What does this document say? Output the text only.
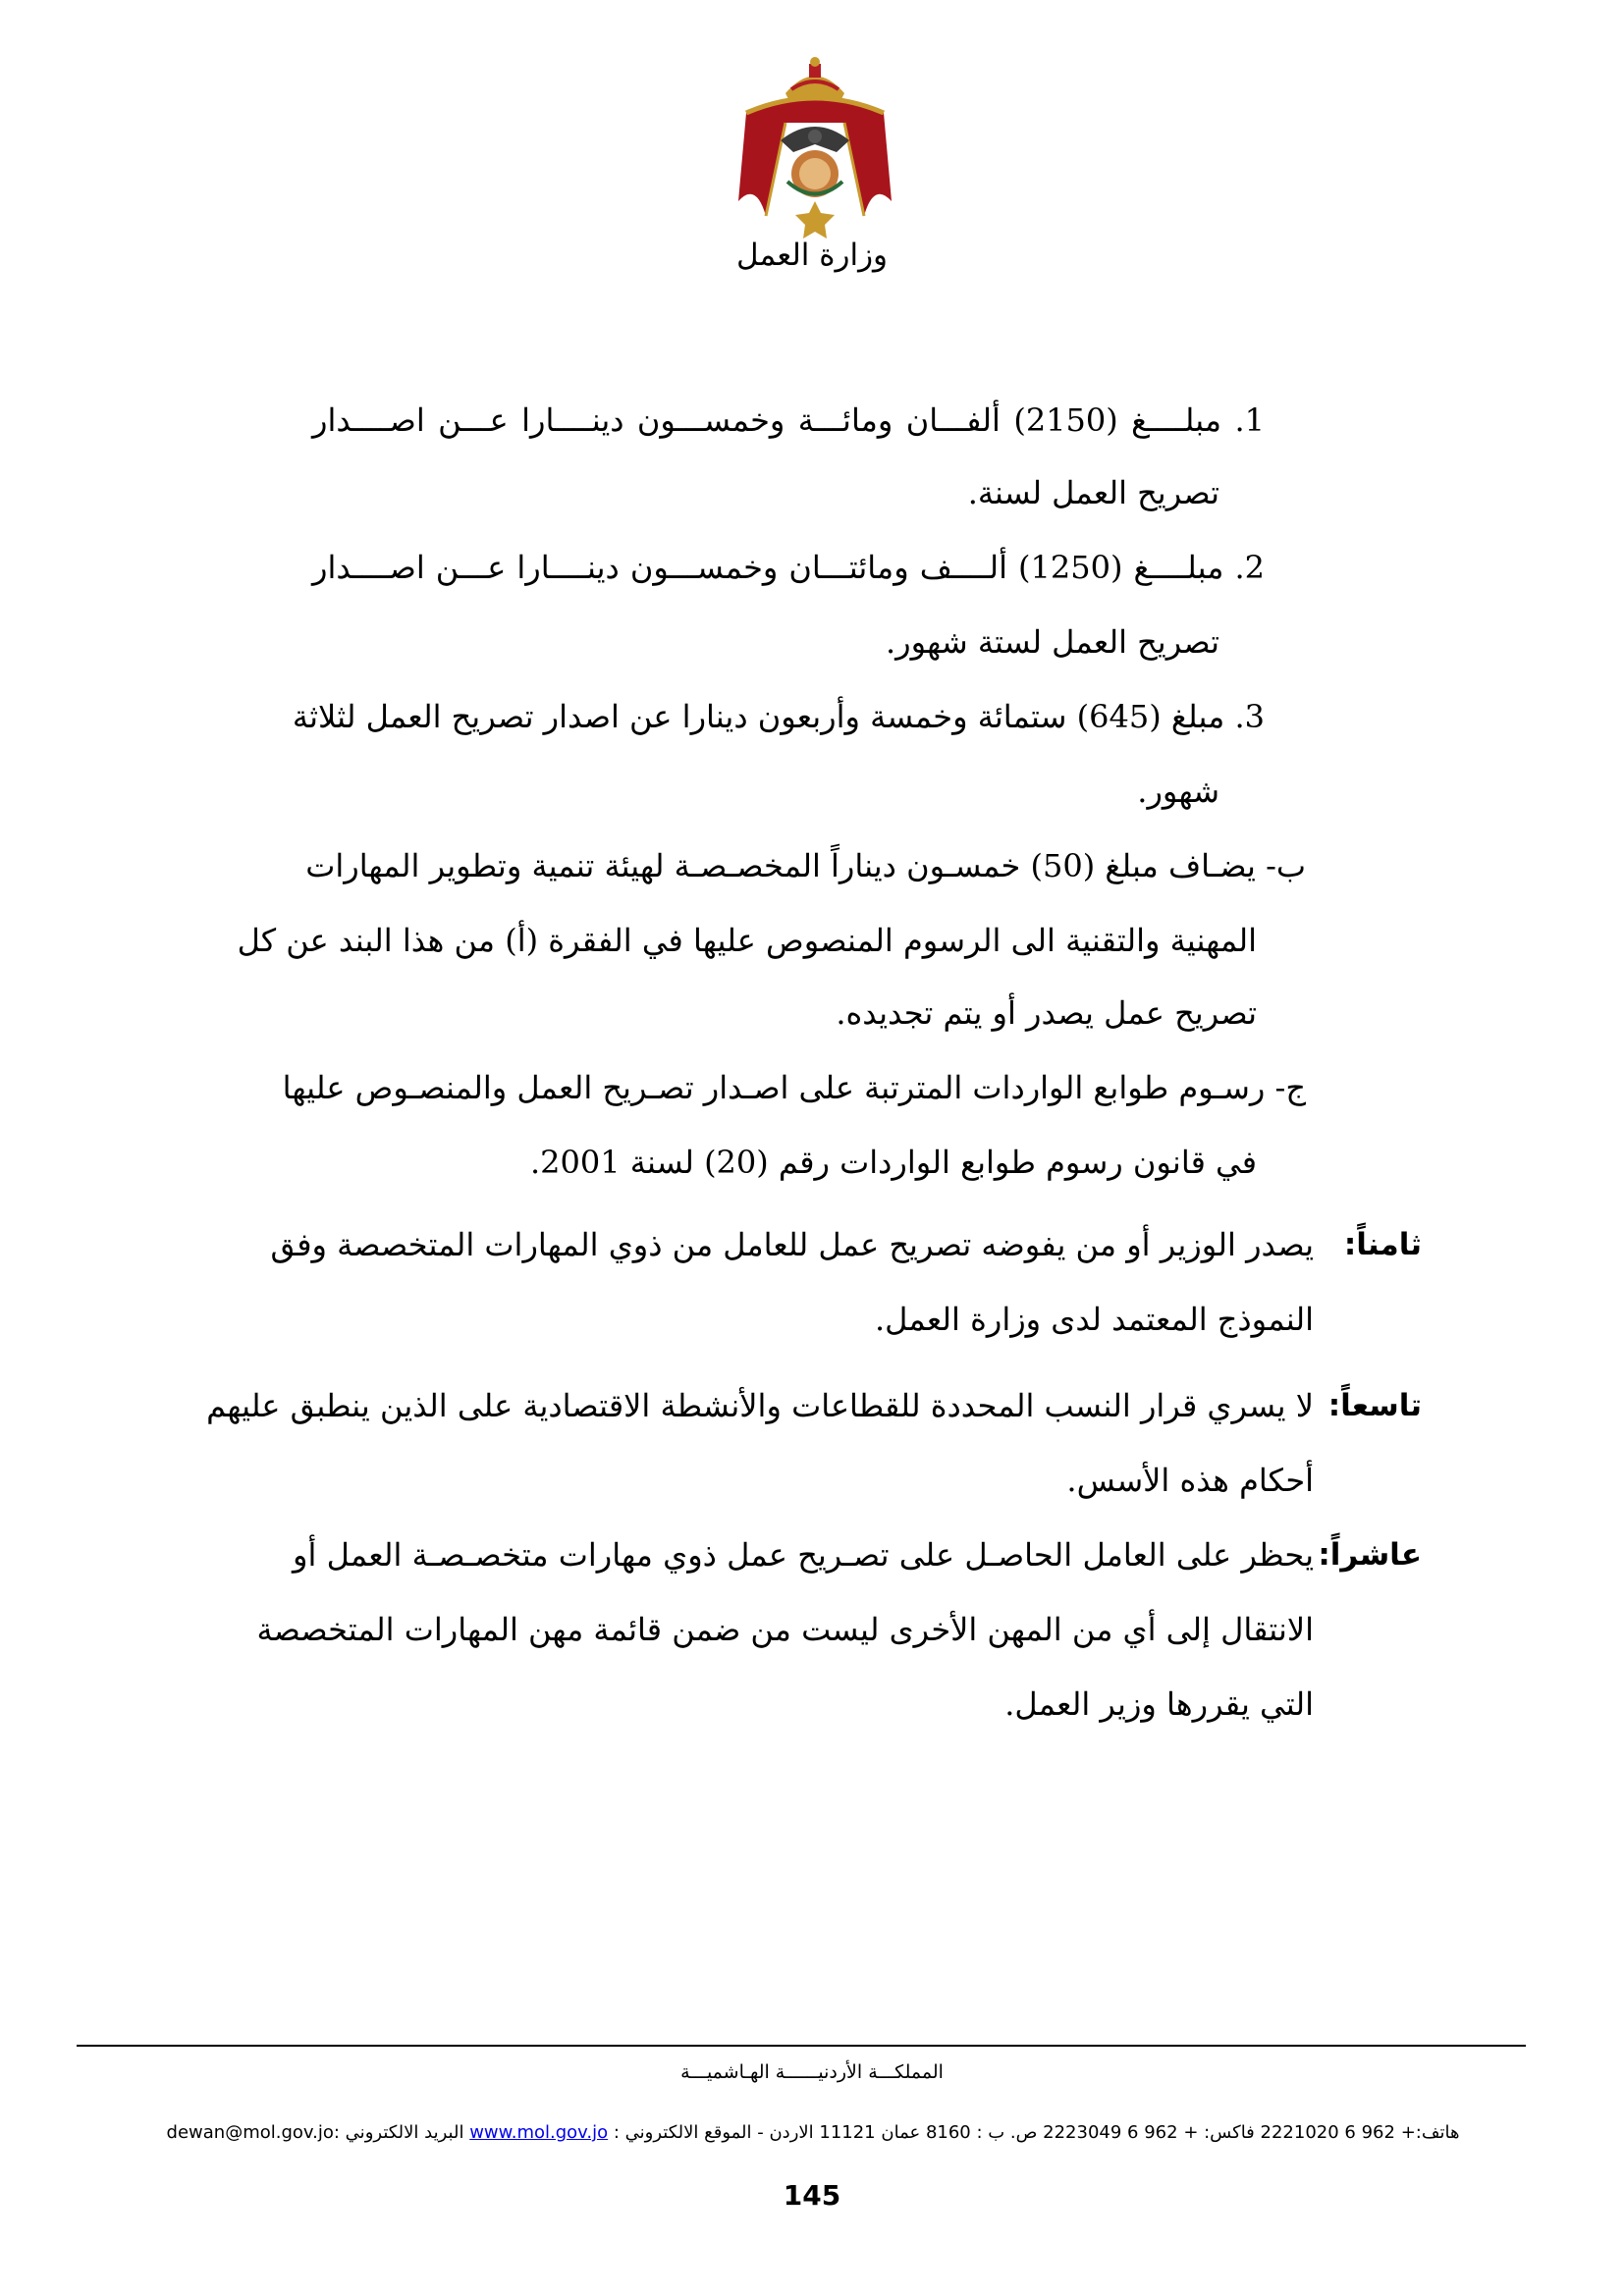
وزارة العمل
1. مبلــــغ (2150) ألفـــان ومائـــة وخمســـون دينــــارا عـــن اصــــدار
تصريح العمل لسنة.
2. مبلــــغ (1250) ألــــف ومائتـــان وخمســـون دينــــارا عـــن اصــــدار
تصريح العمل لستة شهور.
3. مبلغ (645) ستمائة وخمسة وأربعون دينارا عن اصدار تصريح العمل لثلاثة
شهور.
ب- يضـاف مبلغ (50) خمسـون ديناراً المخصـصـة لهيئة تنمية وتطوير المهارات
المهنية والتقنية الى الرسوم المنصوص عليها في الفقرة (أ) من هذا البند عن كل
تصريح عمل يصدر أو يتم تجديده.
ج- رسـوم طوابع الواردات المترتبة على اصـدار تصـريح العمل والمنصـوص عليها
في قانون رسوم طوابع الواردات رقم (20) لسنة 2001.
ثامناً:
يصدر الوزير أو من يفوضه تصريح عمل للعامل من ذوي المهارات المتخصصة وفق
النموذج المعتمد لدى وزارة العمل.
تاسعاً:
لا يسري قرار النسب المحددة للقطاعات والأنشطة الاقتصادية على الذين ينطبق عليهم
أحكام هذه الأسس.
عاشراً:
يحظر على العامل الحاصـل على تصـريح عمل ذوي مهارات متخصـصـة العمل أو
الانتقال إلى أي من المهن الأخرى ليست من ضمن قائمة مهن المهارات المتخصصة
التي يقررها وزير العمل.
المملكـــة الأردنيــــــة الهـاشميـــة
هاتف:+ 962 6 2221020 فاكس: + 962 6 2223049 ص. ب : 8160 عمان 11121 الاردن - الموقع الالكتروني : www.mol.gov.jo البريد الالكتروني :dewan@mol.gov.jo
145
